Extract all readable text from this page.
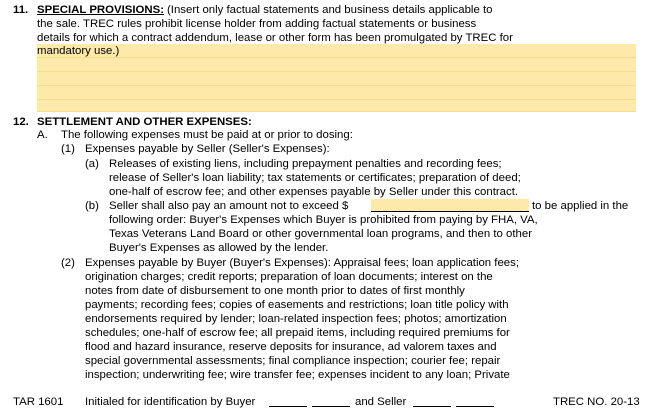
11. SPECIAL PROVISIONS: (Insert only factual statements and business details applicable to
the sale. TREC rules prohibit license holder from adding factual statements or business
details for which a contract addendum, lease or other form has been promulgated by TREC for
mandatory use.)
12. SETTLEMENT AND OTHER EXPENSES:
A. The following expenses must be paid at or prior to dosing:
(1) Expenses payable by Seller (Seller's Expenses):
(a) Releases of existing liens, including prepayment penalties and recording fees;
release of Seller's loan liability; tax statements or certificates; preparation of deed;
one-half of escrow fee; and other expenses payable by Seller under this contract.
(b) Seller shall also pay an amount not to exceed $	to be applied in the
following order: Buyer's Expenses which Buyer is prohibited from paying by FHA, VA,
Texas Veterans Land Board or other governmental loan programs, and then to other
Buyer's Expenses as allowed by the lender.
(2) Expenses payable by Buyer (Buyer's Expenses): Appraisal fees; loan application fees;
origination charges; credit reports; preparation of loan documents; interest on the
notes from date of disbursement to one month prior to dates of first monthly
payments; recording fees; copies of easements and restrictions; loan title policy with
endorsements required by lender; loan-related inspection fees; photos; amortization
schedules; one-half of escrow fee; all prepaid items, including required premiums for
flood and hazard insurance, reserve deposits for insurance, ad valorem taxes and
special governmental assessments; final compliance inspection; courier fee; repair
inspection; underwriting fee; wire transfer fee; expenses incident to any loan; Private
TAR 1601 Initialed for identification by Buyer	and Seller	TREC NO. 20-13
